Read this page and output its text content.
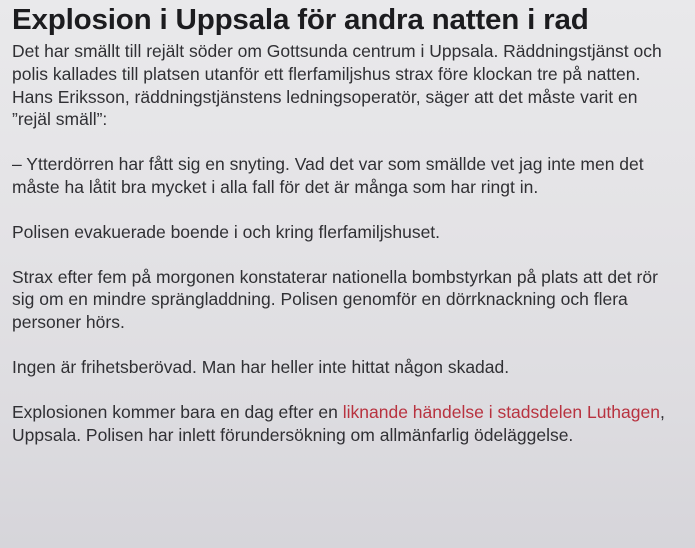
Explosion i Uppsala för andra natten i rad

Det har smällt till rejält söder om Gottsunda centrum i Uppsala. Räddningstjänst och polis kallades till platsen utanför ett flerfamiljshus strax före klockan tre på natten. Hans Eriksson, räddningstjänstens ledningsoperatör, säger att det måste varit en ”rejäl smäll”:

– Ytterdörren har fått sig en snyting. Vad det var som smällde vet jag inte men det måste ha låtit bra mycket i alla fall för det är många som har ringt in.

Polisen evakuerade boende i och kring flerfamiljshuset.

Strax efter fem på morgonen konstaterar nationella bombstyrkan på plats att det rör sig om en mindre sprängladdning. Polisen genomför en dörrknackning och flera personer hörs.

Ingen är frihetsberövad. Man har heller inte hittat någon skadad.

Explosionen kommer bara en dag efter en liknande händelse i stadsdelen Luthagen, Uppsala. Polisen har inlett förundersökning om allmänfarlig ödeläggelse.
